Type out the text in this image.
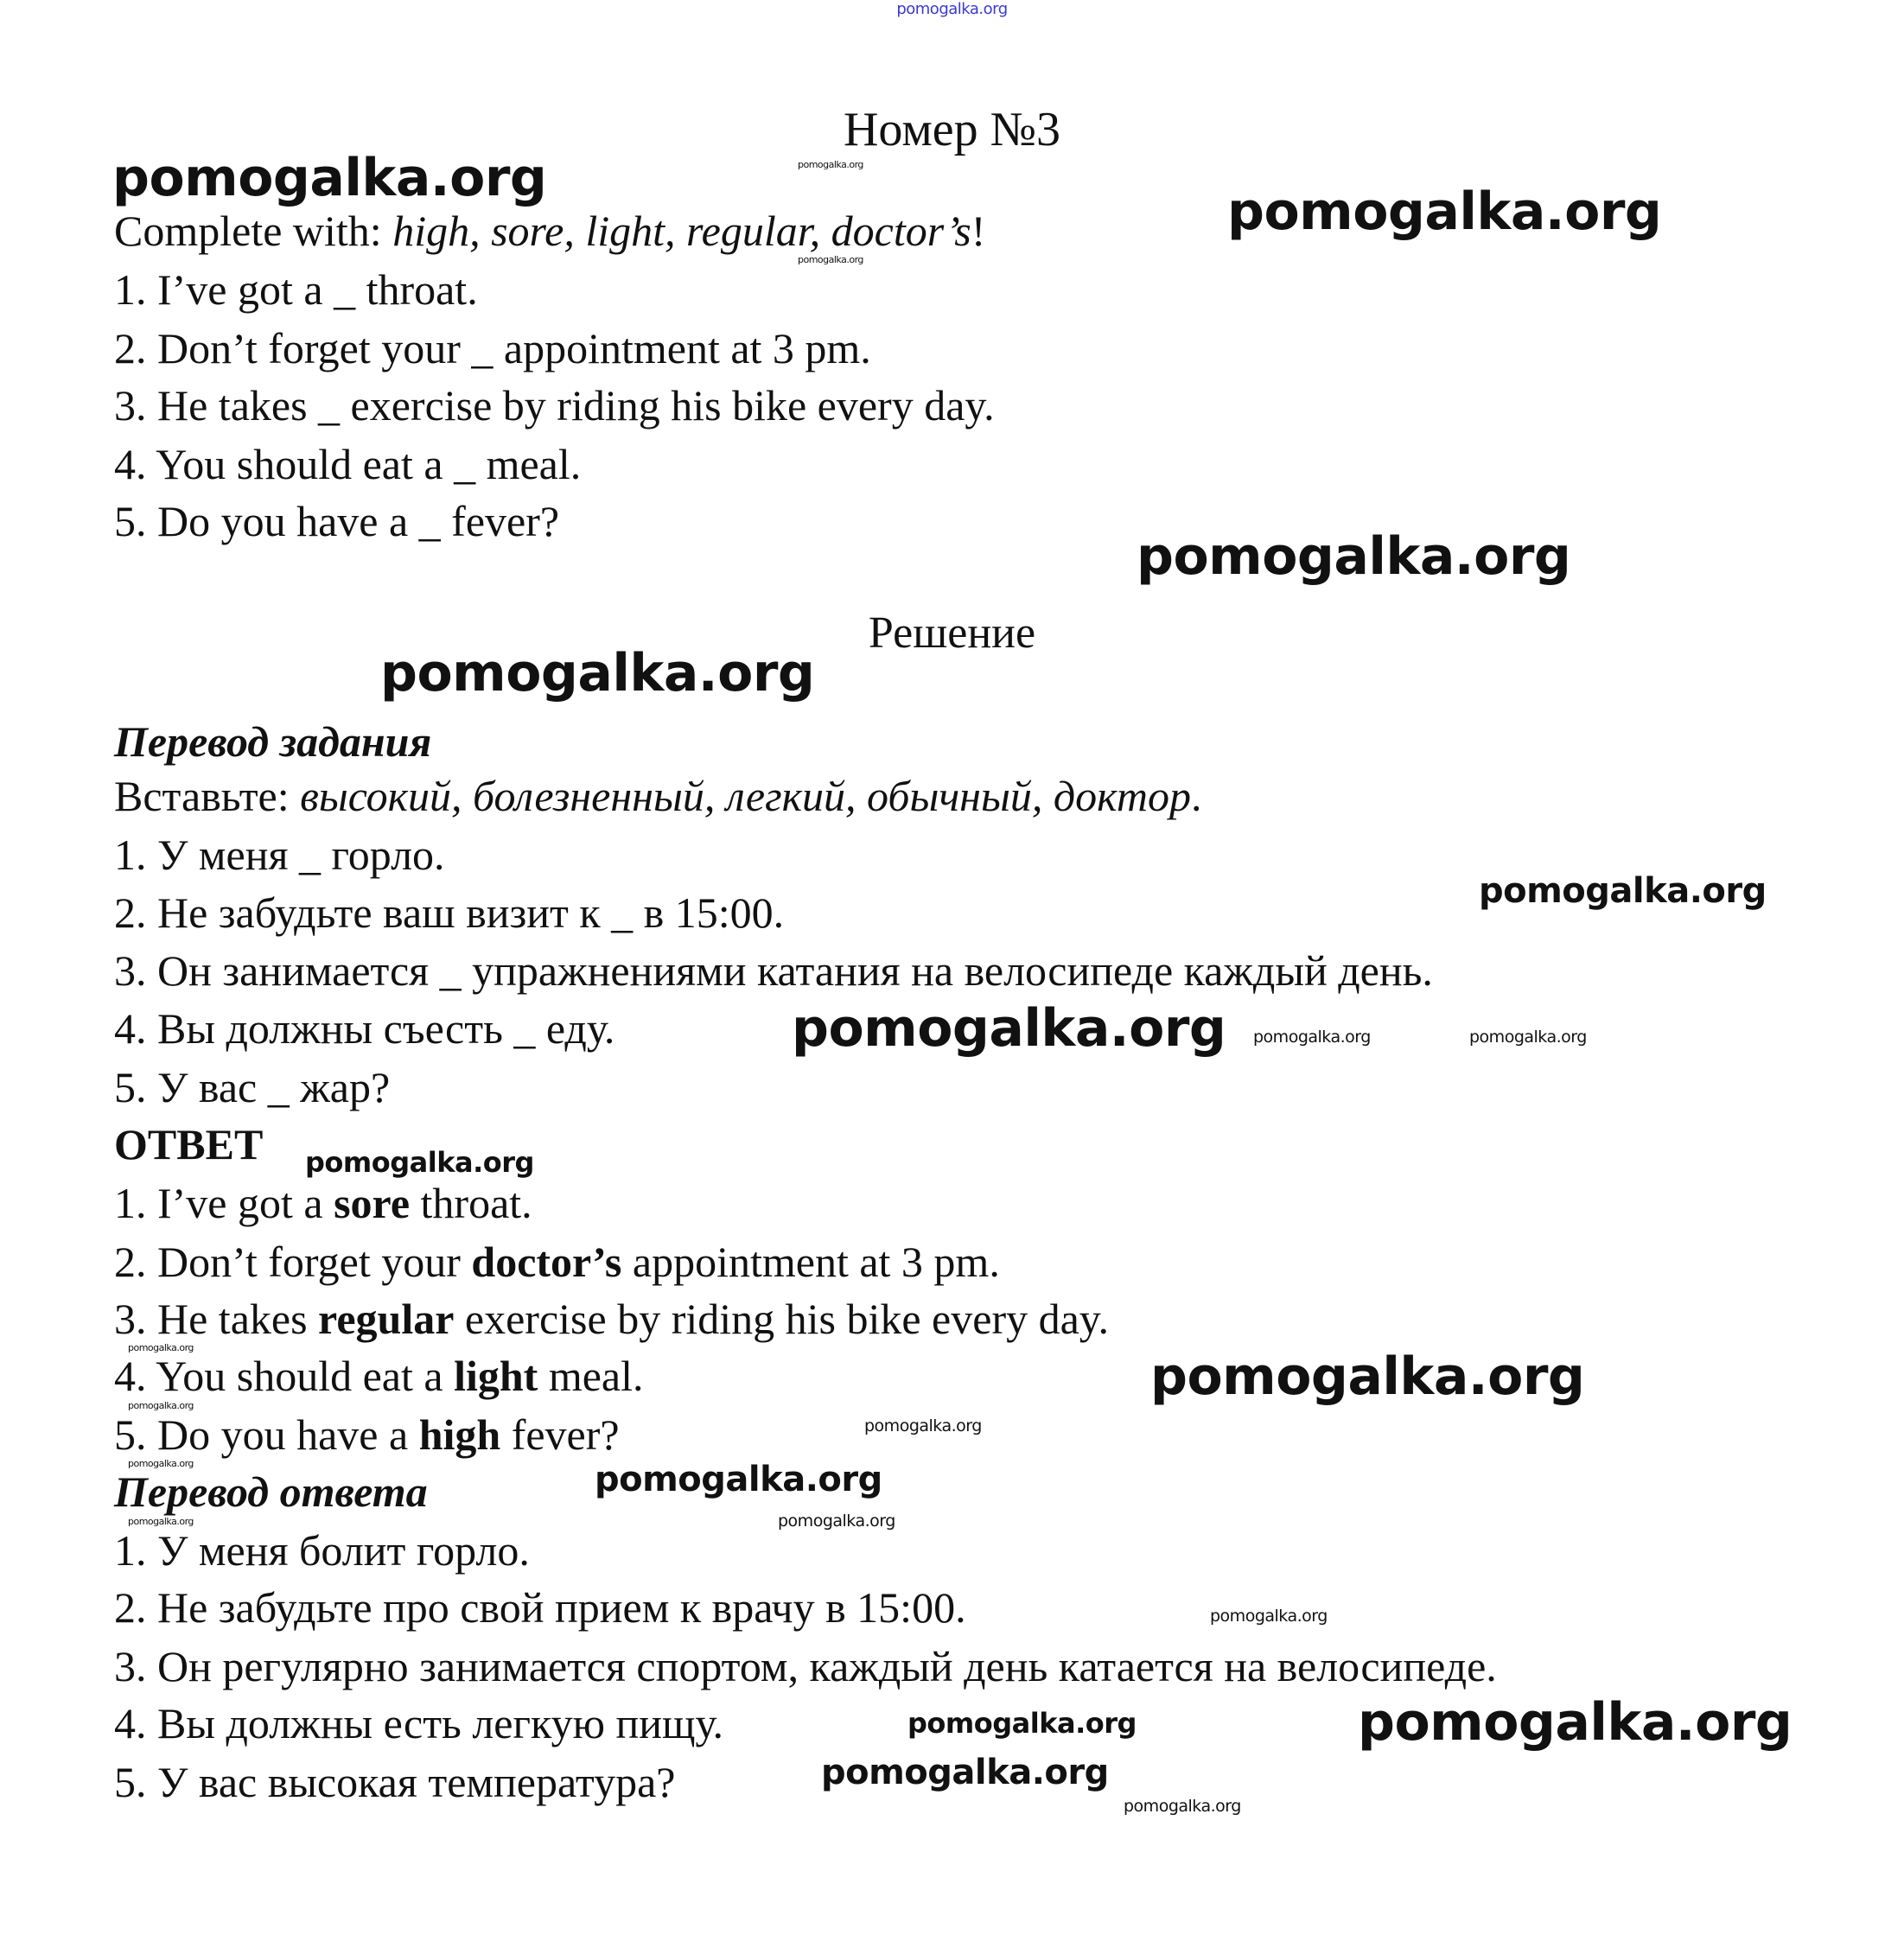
pomogalka.org
Номер №3
Решение
Complete with: high, sore, light, regular, doctor’s!
1. I’ve got a _ throat.
2. Don’t forget your _ appointment at 3 pm.
3. He takes _ exercise by riding his bike every day.
4. You should eat a _ meal.
5. Do you have a _ fever?
Перевод задания
Вставьте: высокий, болезненный, легкий, обычный, доктор.
1. У меня _ горло.
2. Не забудьте ваш визит к _ в 15:00.
3. Он занимается _ упражнениями катания на велосипеде каждый день.
4. Вы должны съесть _ еду.
5. У вас _ жар?
ОТВЕТ
1. I’ve got a sore throat.
2. Don’t forget your doctor’s appointment at 3 pm.
3. He takes regular exercise by riding his bike every day.
4. You should eat a light meal.
5. Do you have a high fever?
Перевод ответа
1. У меня болит горло.
2. Не забудьте про свой прием к врачу в 15:00.
3. Он регулярно занимается спортом, каждый день катается на велосипеде.
4. Вы должны есть легкую пищу.
5. У вас высокая температура?
pomogalka.org
pomogalka.org
pomogalka.org
pomogalka.org
pomogalka.org
pomogalka.org
pomogalka.org
pomogalka.org
pomogalka.org
pomogalka.org
pomogalka.org
pomogalka.org
pomogalka.org	pomogalka.org
pomogalka.org
pomogalka.org
pomogalka.org
pomogalka.org
pomogalka.org
pomogalka.org
pomogalka.org
pomogalka.org
pomogalka.org
pomogalka.org
